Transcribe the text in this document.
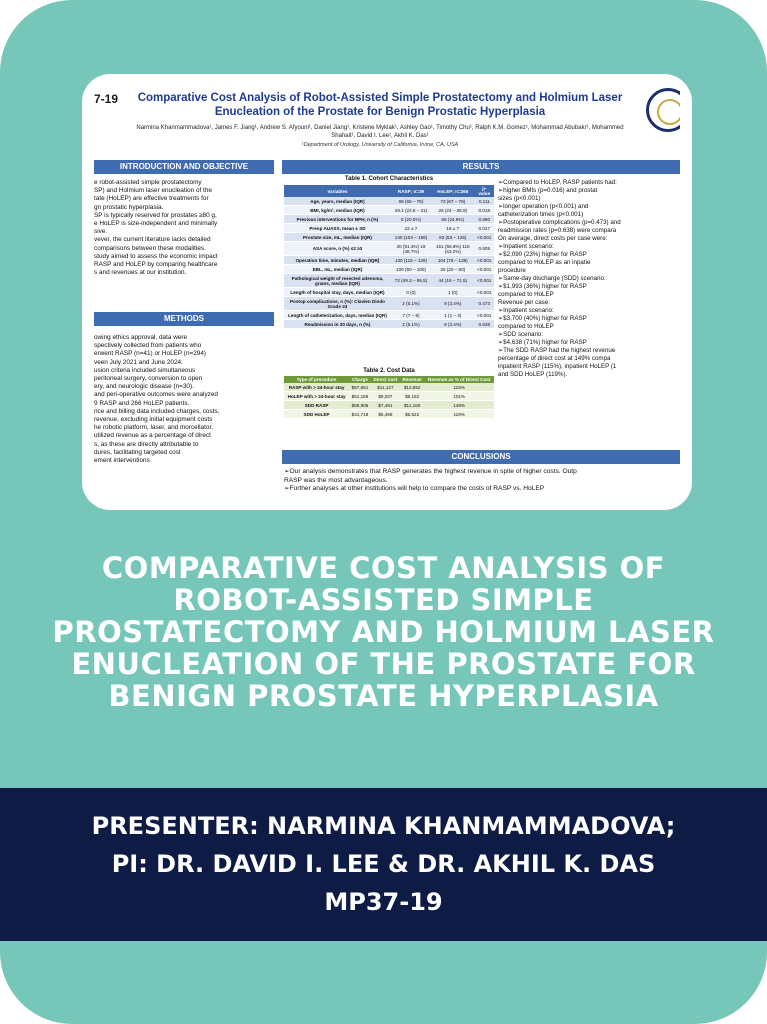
7-19	Comparative Cost Analysis of Robot-Assisted Simple Prostatectomy and Holmium Laser
Enucleation of the Prostate for Benign Prostatic Hyperplasia
Narmina Khanmammadova¹, James F. Jiang¹, Andrew S. Afyouni¹, Daniel Jiang¹, Kristene Myklak¹, Ashley Gao¹, Timothy Chu¹, Ralph K.M. Gomez¹, Mohammad Abubakr¹, Mohammed Shahait¹, David I. Lee¹, Akhil K. Das¹
¹Department of Urology, University of California, Irvine, CA, USA
INTRODUCTION AND OBJECTIVE
e robot-assisted simple prostatectomy
SP) and Holmium laser enucleation of the
tate (HoLEP) are effective treatments for
gn prostatic hyperplasia.
SP is typically reserved for prostates ≥80 g,
e HoLEP is size-independent and minimally
sive.
vever, the current literature lacks detailed
comparisons between these modalities.
study aimed to assess the economic impact
RASP and HoLEP by comparing healthcare
s and revenues at our institution.
METHODS
owing ethics approval, data were
spectively collected from patients who
erwent RASP (n=41) or HoLEP (n=294)
veen July 2021 and June 2024.
usion criteria included simultaneous
peritoneal surgery, conversion to open
ery, and neurologic disease (n=30).
and peri-operative outcomes were analyzed
9 RASP and 266 HoLEP patients.
nce and billing data included charges, costs,
revenue, excluding initial equipment costs
he robotic platform, laser, and morcellator.
utilized revenue as a percentage of direct
s, as these are directly attributable to
dures, facilitating targeted cost
ement interventions
RESULTS
Table 1. Cohort Characteristics
Variables	RASP; n=39	HoLEP; n=266	p-value
Age, years, median (IQR)	69 (65 – 75)	73 (67 – 78)	0.111
BMI, kg/m², median (IQR)	28.4 (24.8 – 31)	26 (24 – 28.9)	0.016
Previous interventions for BPH, n (%)	8 (20.5%)	66 (24.8%)	0.690
Preop AUASS, mean ± SD	22 ± 7	18 ± 7	0.017
Prostate size, mL, median (IQR)	140 (104 – 158)	83 (53 – 125)	<0.001
ASA score, n (%) ≤2 ≥3	20 (51.3%) 19 (48.7%)	151 (56.8%) 115 (43.2%)	0.605
Operation time, minutes, median (IQR)	130 (115 – 139)	104 (76 – 135)	<0.001
EBL, mL, median (IQR)	100 (50 – 100)	25 (20 – 50)	<0.001
Pathological weight of resected adenoma, grams, median (IQR)	72 (49.3 – 95.5)	44 (16 – 71.5)	<0.001
Length of hospital stay, days, median (IQR)	0 (0)	1 (0)	<0.001
Postop complications, n (%): Clavien Dindo Grade ≥3	2 (5.1%)	9 (3.4%)	0.473
Length of catheterization, days, median (IQR)	7 (7 – 8)	1 (1 – 3)	<0.001
Readmission in 30 days, n (%)	2 (5.1%)	9 (3.4%)	0.638
Table 2. Cost Data
Type of procedure	Charge	Direct cost	Revenue	Revenue as % of Direct Cost
RASP with > 24-hour stay	$57,661	$11,127	$12,852	115%
HoLEP with > 24-hour stay	$51,159	$9,037	$9,152	101%
SDD RASP	$58,906	$7,491	$11,160	149%
SDD HoLEP	$41,718	$5,498	$6,522	119%
➢Compared to HoLEP, RASP patients had:
➢higher BMIs (p=0.016) and prostat
sizes (p<0.001)
➢longer operation (p<0.001) and
catheterization times (p<0.001)
➢Postoperative complications (p=0.473) and
readmission rates (p=0.638) were compara
On average, direct costs per case were:
➢Inpatient scenario:
➢$2,090 (23%) higher for RASP
compared to HoLEP as an inpatie
procedure
➢Same-day discharge (SDD) scenario:
➢$1,993 (36%) higher for RASP
compared to HoLEP
Revenue per case:
➢Inpatient scenario:
➢$3,700 (40%) higher for RASP
compared to HoLEP
➢SDD scenario:
➢$4,638 (71%) higher for RASP
➢The SDD RASP had the highest revenue
percentage of direct cost at 149% compa
inpatient RASP (115%), inpatient HoLEP (1
and SDD HoLEP (119%).
CONCLUSIONS
➢Our analysis demonstrates that RASP generates the highest revenue in spite of higher costs. Outp
RASP was the most advantageous.
➢Further analyses at other institutions will help to compare the costs of RASP vs. HoLEP
COMPARATIVE COST ANALYSIS OF ROBOT-ASSISTED SIMPLE PROSTATECTOMY AND HOLMIUM LASER ENUCLEATION OF THE PROSTATE FOR BENIGN PROSTATE HYPERPLASIA
PRESENTER: NARMINA KHANMAMMADOVA;
PI: DR. DAVID I. LEE & DR. AKHIL K. DAS
MP37-19
